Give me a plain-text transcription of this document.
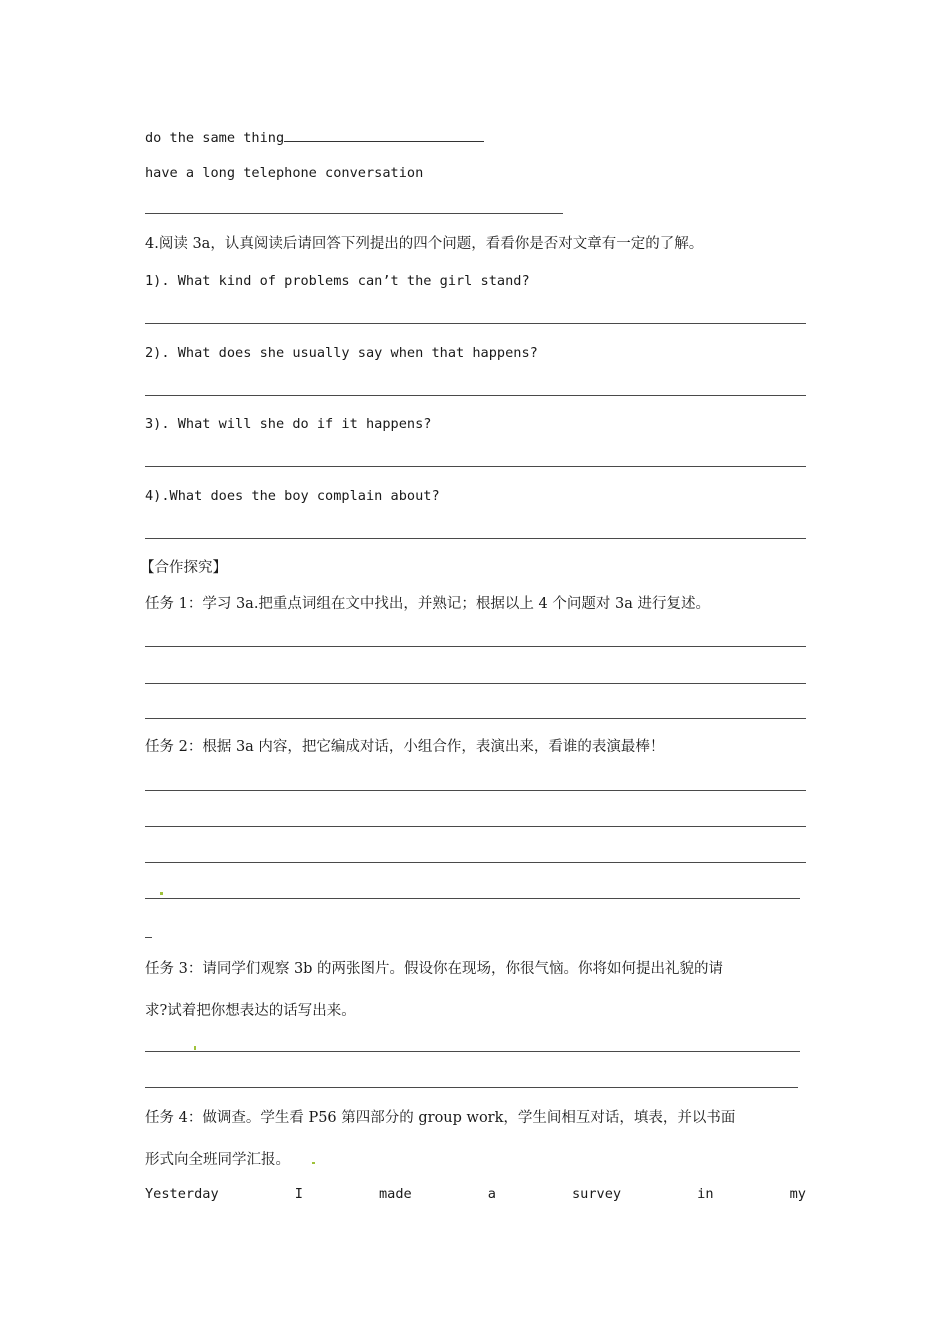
do the same thing
have a long telephone conversation
4.阅读 3a，认真阅读后请回答下列提出的四个问题，看看你是否对文章有一定的了解。
1). What kind of problems can’t the girl stand?
2). What does she usually say when that happens?
3). What will she do if it happens?
4).What does the boy complain about?
【合作探究】
任务 1：学习 3a.把重点词组在文中找出，并熟记；根据以上 4 个问题对 3a 进行复述。
任务 2：根据 3a 内容，把它编成对话，小组合作，表演出来，看谁的表演最棒！
任务 3：请同学们观察 3b 的两张图片。假设你在现场，你很气恼。你将如何提出礼貌的请
求?试着把你想表达的话写出来。
任务 4：做调查。学生看 P56 第四部分的 group work，学生间相互对话，填表，并以书面
形式向全班同学汇报。
Yesterday	I	made	a	survey	in	my
